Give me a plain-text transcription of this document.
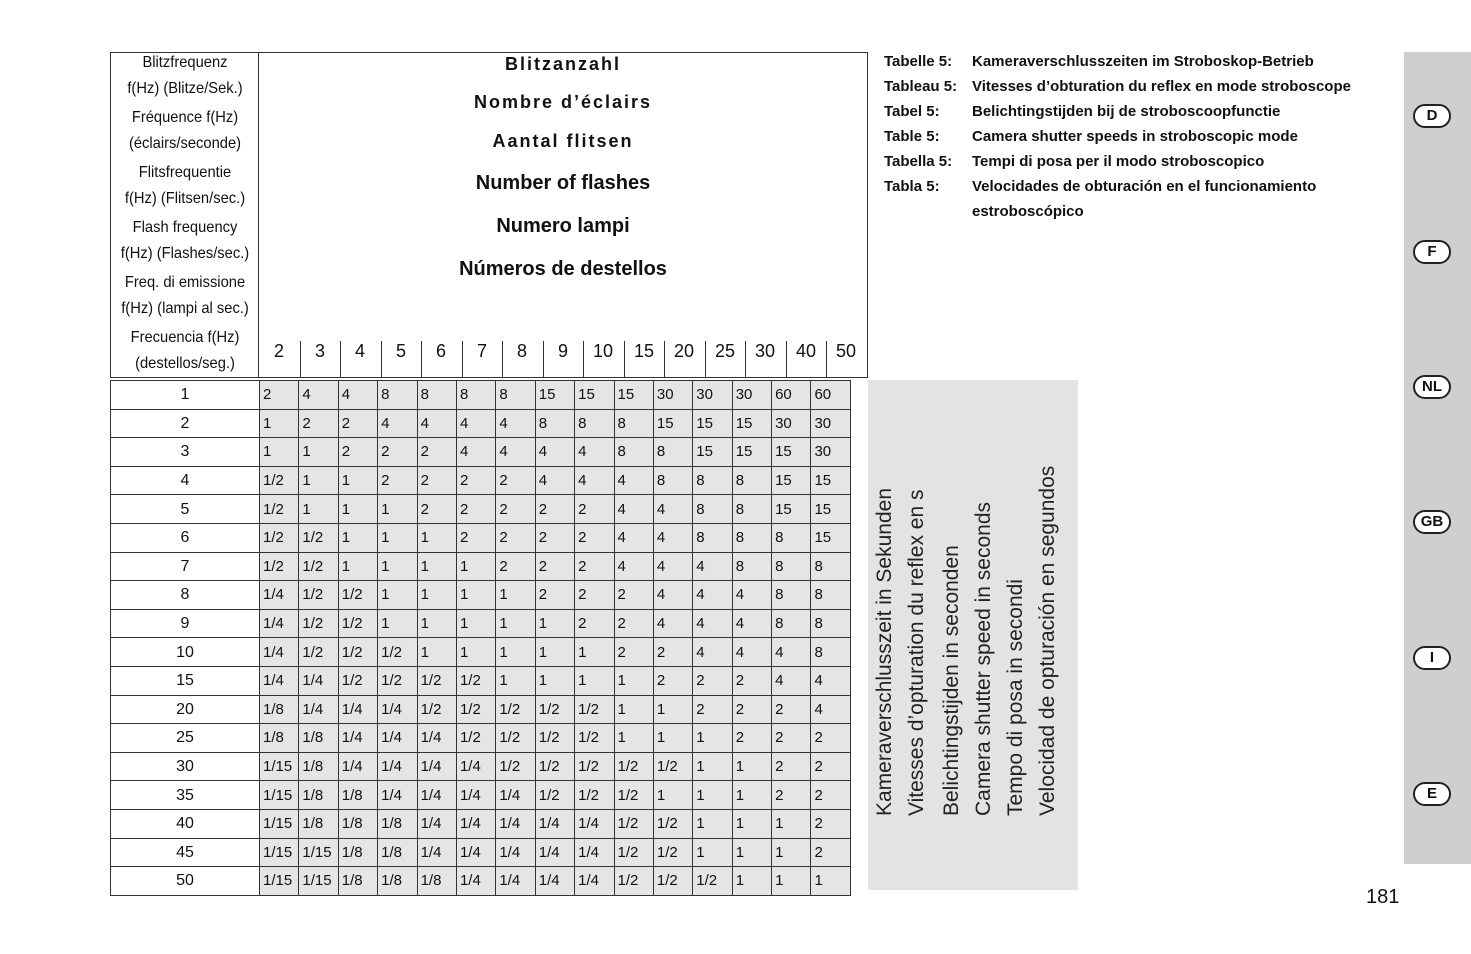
Blitzfrequenz
f(Hz) (Blitze/Sek.)
Fréquence f(Hz)
(éclairs/seconde)
Flitsfrequentie
f(Hz) (Flitsen/sec.)
Flash frequency
f(Hz) (Flashes/sec.)
Freq. di emissione
f(Hz) (lampi al sec.)
Frecuencia f(Hz)
(destellos/seg.)
Blitzanzahl
Nombre d’éclairs
Aantal flitsen
Number of flashes
Numero lampi
Números de destellos
2	3	4	5	6	7	8	9	10	15	20	25	30	40	50
1	2	4	4	8	8	8	8	15	15	15	30	30	30	60	60
2	1	2	2	4	4	4	4	8	8	8	15	15	15	30	30
3	1	1	2	2	2	4	4	4	4	8	8	15	15	15	30
4	1/2	1	1	2	2	2	2	4	4	4	8	8	8	15	15
5	1/2	1	1	1	2	2	2	2	2	4	4	8	8	15	15
6	1/2	1/2	1	1	1	2	2	2	2	4	4	8	8	8	15
7	1/2	1/2	1	1	1	1	2	2	2	4	4	4	8	8	8
8	1/4	1/2	1/2	1	1	1	1	2	2	2	4	4	4	8	8
9	1/4	1/2	1/2	1	1	1	1	1	2	2	4	4	4	8	8
10	1/4	1/2	1/2	1/2	1	1	1	1	1	2	2	4	4	4	8
15	1/4	1/4	1/2	1/2	1/2	1/2	1	1	1	1	2	2	2	4	4
20	1/8	1/4	1/4	1/4	1/2	1/2	1/2	1/2	1/2	1	1	2	2	2	4
25	1/8	1/8	1/4	1/4	1/4	1/2	1/2	1/2	1/2	1	1	1	2	2	2
30	1/15	1/8	1/4	1/4	1/4	1/4	1/2	1/2	1/2	1/2	1/2	1	1	2	2
35	1/15	1/8	1/8	1/4	1/4	1/4	1/4	1/2	1/2	1/2	1	1	1	2	2
40	1/15	1/8	1/8	1/8	1/4	1/4	1/4	1/4	1/4	1/2	1/2	1	1	1	2
45	1/15	1/15	1/8	1/8	1/4	1/4	1/4	1/4	1/4	1/2	1/2	1	1	1	2
50	1/15	1/15	1/8	1/8	1/8	1/4	1/4	1/4	1/4	1/2	1/2	1/2	1	1	1
Kameraverschlusszeit in Sekunden Vitesses d’opturation du reflex en s Belichtingstijden in seconden Camera shutter speed in seconds Tempo di posa in secondi Velocidad de opturación en segundos
Tabelle 5: Kameraverschlusszeiten im Stroboskop-Betrieb
Tableau 5: Vitesses d’obturation du reflex en mode stroboscope
Tabel 5: Belichtingstijden bij de stroboscoopfunctie
Table 5: Camera shutter speeds in stroboscopic mode
Tabella 5: Tempi di posa per il modo stroboscopico
Tabla 5: Velocidades de obturación en el funcionamiento
estroboscópico
D
F
NL
GB
I
E
181
